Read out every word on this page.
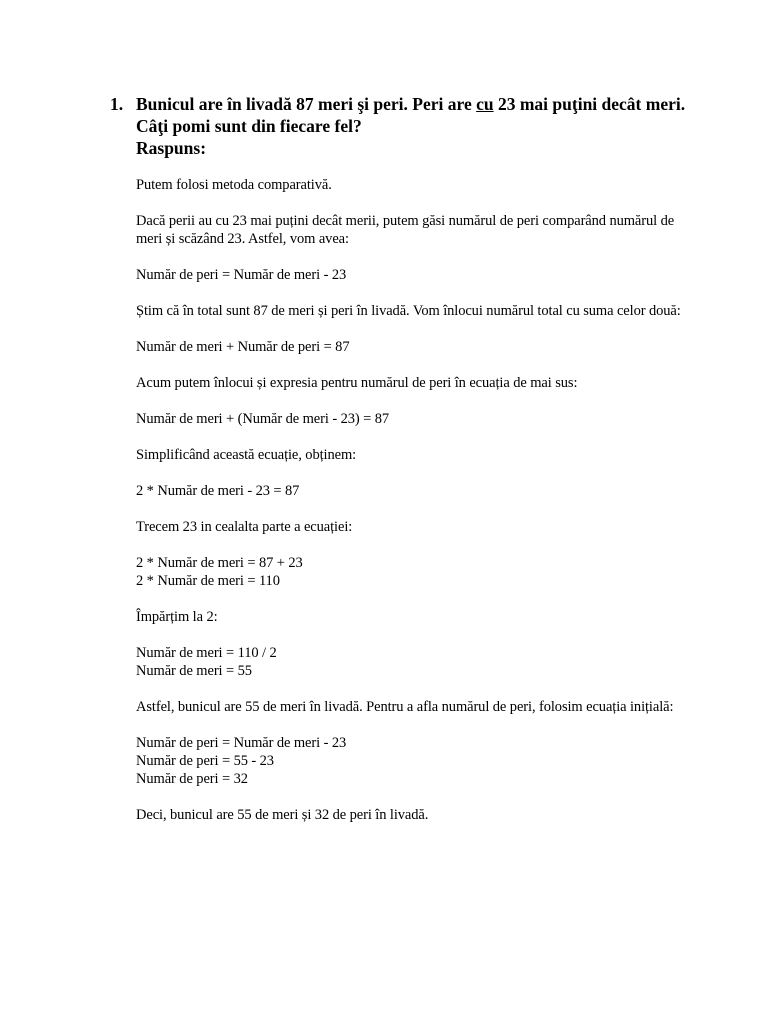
1. Bunicul are în livadă 87 meri şi peri. Peri are cu 23 mai puţini decât meri.
Câţi pomi sunt din fiecare fel?
Raspuns:

Putem folosi metoda comparativă.

Dacă perii au cu 23 mai puțini decât merii, putem găsi numărul de peri comparând numărul de meri și scăzând 23. Astfel, vom avea:

Număr de peri = Număr de meri - 23

Știm că în total sunt 87 de meri și peri în livadă. Vom înlocui numărul total cu suma celor două:

Număr de meri + Număr de peri = 87

Acum putem înlocui și expresia pentru numărul de peri în ecuația de mai sus:

Număr de meri + (Număr de meri - 23) = 87

Simplificând această ecuație, obținem:

2 * Număr de meri - 23 = 87

Trecem 23 in cealalta parte a ecuației:

2 * Număr de meri = 87 + 23
2 * Număr de meri = 110

Împărțim la 2:

Număr de meri = 110 / 2
Număr de meri = 55

Astfel, bunicul are 55 de meri în livadă. Pentru a afla numărul de peri, folosim ecuația inițială:

Număr de peri = Număr de meri - 23
Număr de peri = 55 - 23
Număr de peri = 32

Deci, bunicul are 55 de meri și 32 de peri în livadă.
